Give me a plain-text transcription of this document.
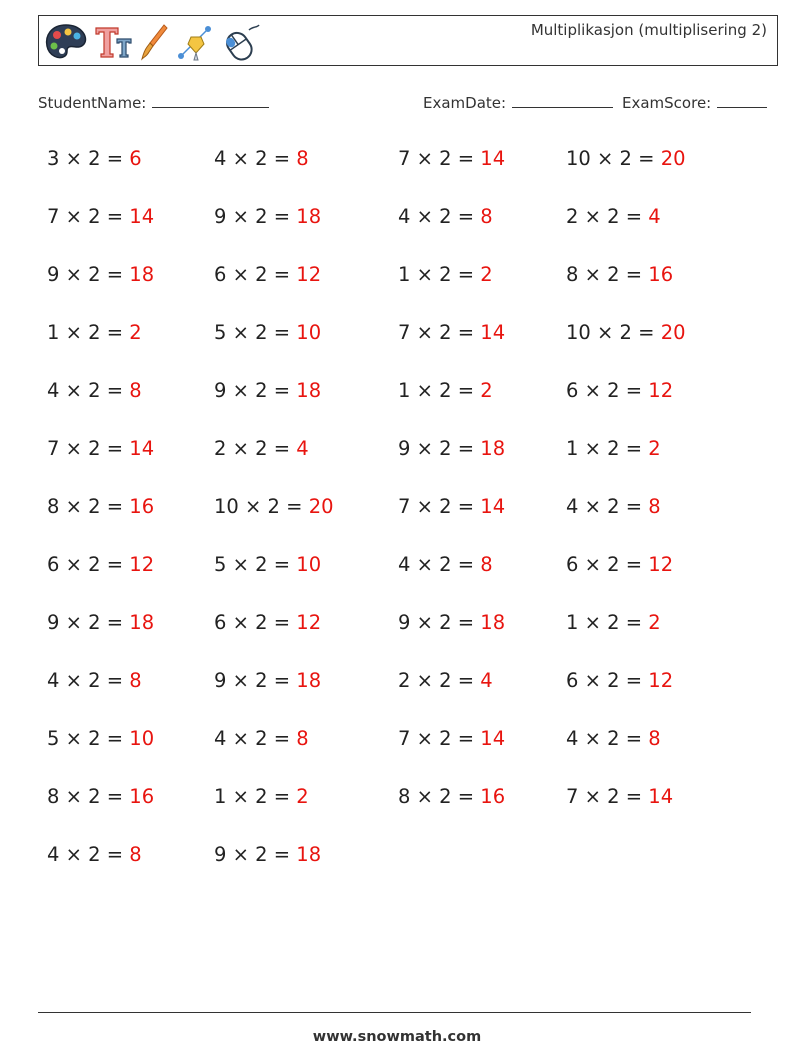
Multiplikasjon (multiplisering 2)
StudentName:	ExamDate:	ExamScore:
3 × 2 = 6	4 × 2 = 8	7 × 2 = 14	10 × 2 = 20
7 × 2 = 14	9 × 2 = 18	4 × 2 = 8	2 × 2 = 4
9 × 2 = 18	6 × 2 = 12	1 × 2 = 2	8 × 2 = 16
1 × 2 = 2	5 × 2 = 10	7 × 2 = 14	10 × 2 = 20
4 × 2 = 8	9 × 2 = 18	1 × 2 = 2	6 × 2 = 12
7 × 2 = 14	2 × 2 = 4	9 × 2 = 18	1 × 2 = 2
8 × 2 = 16	10 × 2 = 20	7 × 2 = 14	4 × 2 = 8
6 × 2 = 12	5 × 2 = 10	4 × 2 = 8	6 × 2 = 12
9 × 2 = 18	6 × 2 = 12	9 × 2 = 18	1 × 2 = 2
4 × 2 = 8	9 × 2 = 18	2 × 2 = 4	6 × 2 = 12
5 × 2 = 10	4 × 2 = 8	7 × 2 = 14	4 × 2 = 8
8 × 2 = 16	1 × 2 = 2	8 × 2 = 16	7 × 2 = 14
4 × 2 = 8	9 × 2 = 18
www.snowmath.com
